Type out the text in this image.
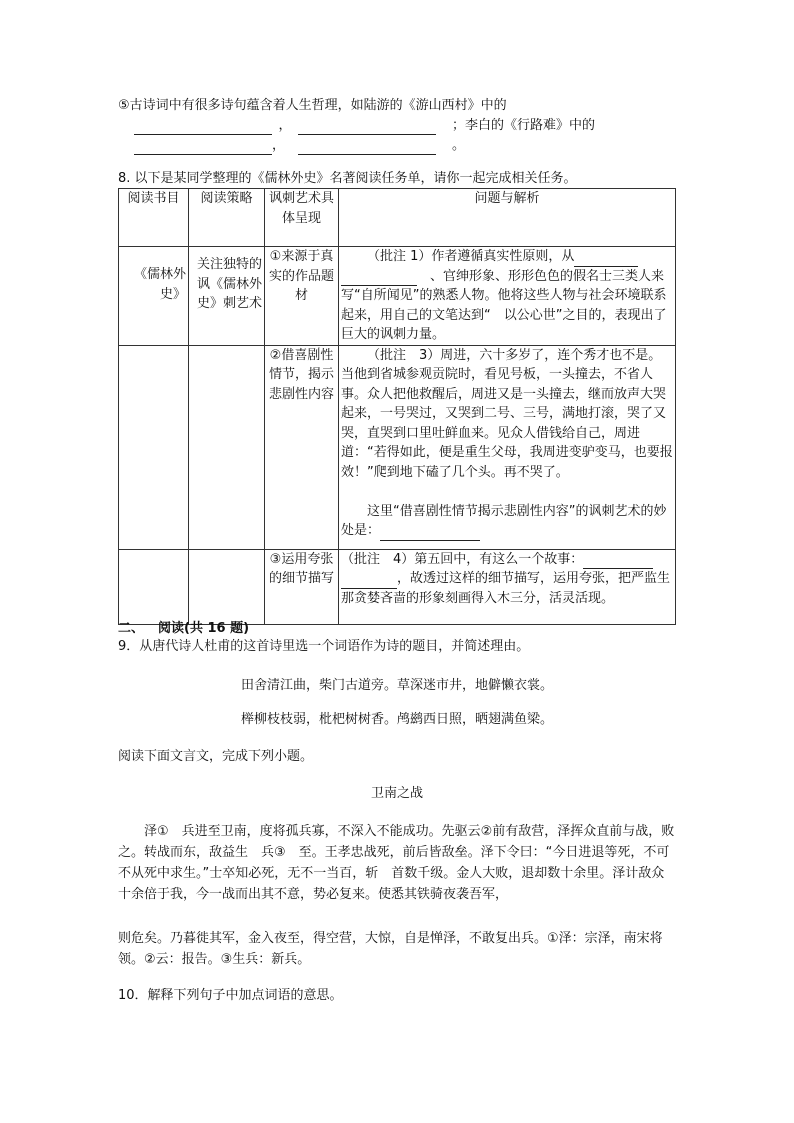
⑤古诗词中有很多诗句蕴含着人生哲理，如陆游的《游山西村》中的
，	；李白的《行路难》中的
，	。
8. 以下是某同学整理的《儒林外史》名著阅读任务单，请你一起完成相关任务。
阅读书目	阅读策略	讽刺艺术具体呈现	问题与解析
《儒林外史》	关注独特的讽《儒林外史》刺艺术	①来源于真实的作品题材	（批注 1）作者遵循真实性原则，从　、官绅形象、形形色色的假名士三类人来写“自所闻见”的熟悉人物。他将这些人物与社会环境联系起来，用自己的文笔达到“　以公心世”之目的，表现出了巨大的讽刺力量。
		②借喜剧性情节，揭示悲剧性内容	（批注　3）周进，六十多岁了，连个秀才也不是。　当他到省城参观贡院时，看见号板，一头撞去，不省人事。众人把他救醒后，周进又是一头撞去，继而放声大哭起来，一号哭过，又哭到二号、三号，满地打滚，哭了又哭，直哭到口里吐鲜血来。见众人借钱给自己，周进道：“若得如此，便是重生父母，我周进变驴变马，也要报效！”爬到地下磕了几个头。再不哭了。

这里“借喜剧性情节揭示悲剧性内容”的讽刺艺术的妙处是：
		③运用夸张的细节描写	（批注　4）第五回中，有这么一个故事：，故透过这样的细节描写，运用夸张，把严监生那贪婪吝啬的形象刻画得入木三分，活灵活现。
二、 阅读(共 16 题)
9．从唐代诗人杜甫的这首诗里选一个词语作为诗的题目，并简述理由。
田舍清江曲，柴门古道旁。草深迷市井，地僻懒衣裳。
榉柳枝枝弱，枇杷树树香。鸬鹚西日照，晒翅满鱼梁。
阅读下面文言文，完成下列小题。
卫南之战
泽①　兵进至卫南，度将孤兵寡，不深入不能成功。先驱云②前有敌营，泽挥众直前与战，败之。转战而东，敌益生　兵③　至。王孝忠战死，前后皆敌垒。泽下令曰：“今日进退等死，不可不从死中求生。”士卒知必死，无不一当百，斩　首数千级。金人大败，退却数十余里。泽计敌众十余倍于我，今一战而出其不意，势必复来。使悉其铁骑夜袭吾军，
则危矣。乃暮徙其军，金入夜至，得空营，大惊，自是惮泽，不敢复出兵。①泽：宗泽，南宋将领。②云：报告。③生兵：新兵。
10．解释下列句子中加点词语的意思。
